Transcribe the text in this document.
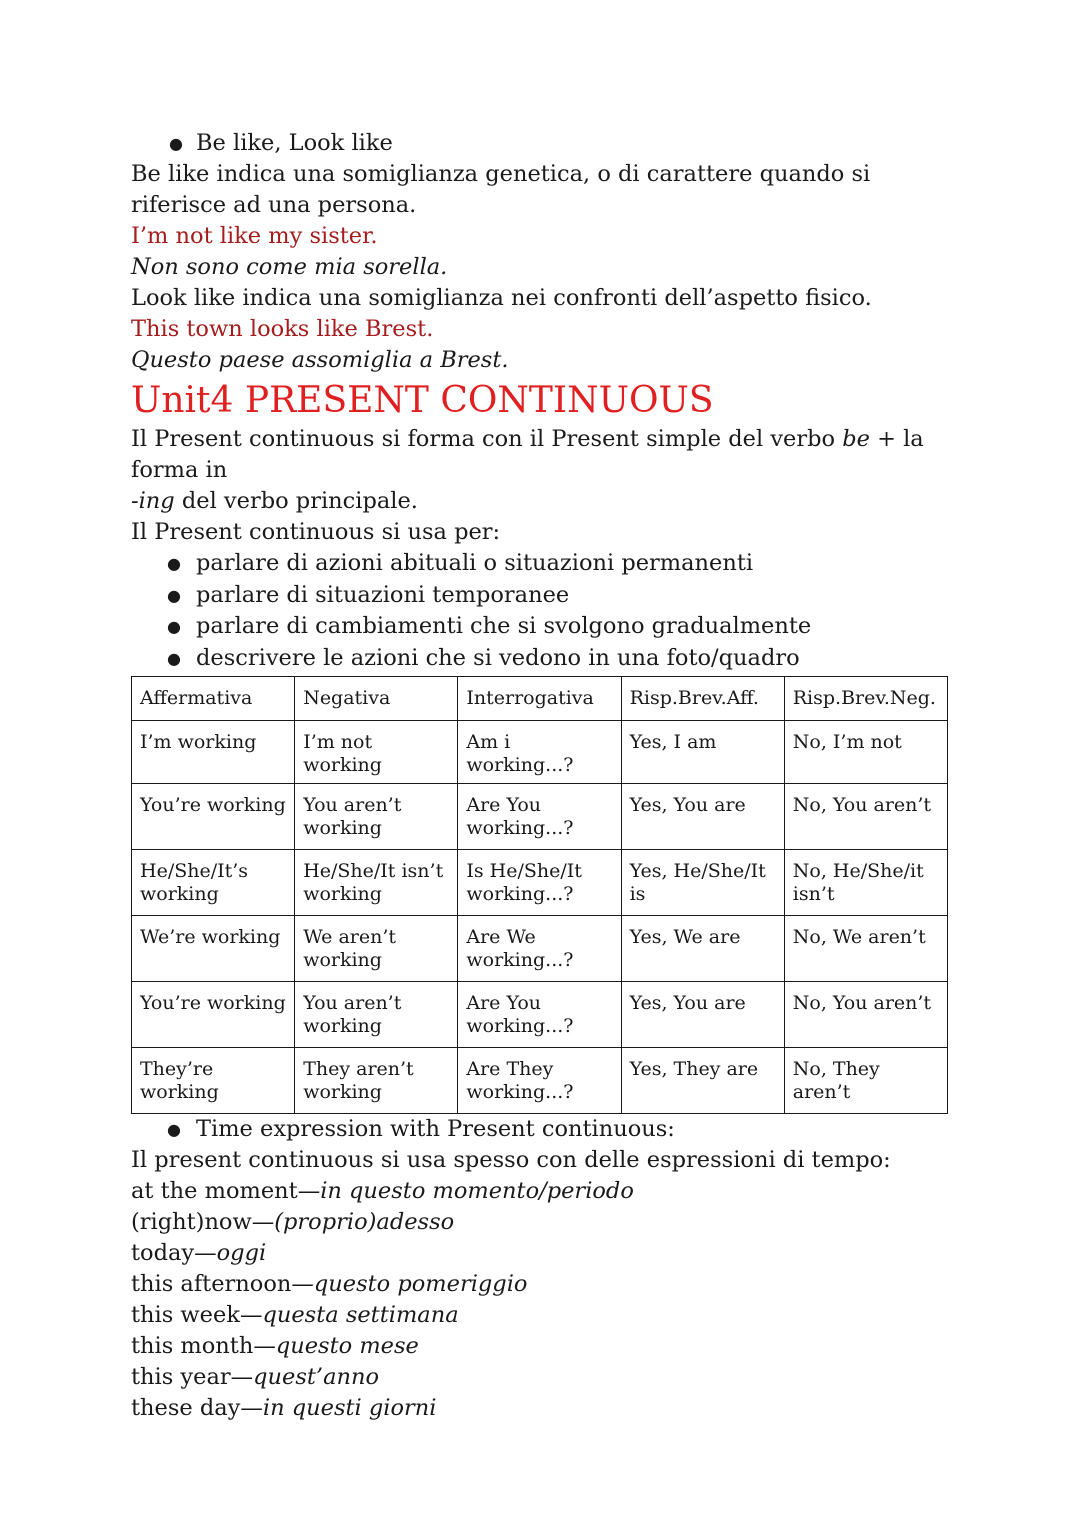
● Be like, Look like
Be like indica una somiglianza genetica, o di carattere quando si riferisce ad una persona.
I’m not like my sister.
Non sono come mia sorella.
Look like indica una somiglianza nei confronti dell’aspetto fisico.
This town looks like Brest.
Questo paese assomiglia a Brest.
Unit4 PRESENT CONTINUOUS
Il Present continuous si forma con il Present simple del verbo be + la forma in
-ing del verbo principale.
Il Present continuous si usa per:
● parlare di azioni abituali o situazioni permanenti
● parlare di situazioni temporanee
● parlare di cambiamenti che si svolgono gradualmente
● descrivere le azioni che si vedono in una foto/quadro
Affermativa	Negativa	Interrogativa	Risp.Brev.Aff.	Risp.Brev.Neg.
I’m working	I’m not working	Am i working...?	Yes, I am	No, I’m not
You’re working	You aren’t working	Are You working...?	Yes, You are	No, You aren’t
He/She/It’s working	He/She/It isn’t working	Is He/She/It working...?	Yes, He/She/It is	No, He/She/it isn’t
We’re working	We aren’t working	Are We working...?	Yes, We are	No, We aren’t
You’re working	You aren’t working	Are You working...?	Yes, You are	No, You aren’t
They’re working	They aren’t working	Are They working...?	Yes, They are	No, They aren’t
● Time expression with Present continuous:
Il present continuous si usa spesso con delle espressioni di tempo:
at the moment—in questo momento/periodo
(right)now—(proprio)adesso
today—oggi
this afternoon—questo pomeriggio
this week—questa settimana
this month—questo mese
this year—quest’anno
these day—in questi giorni
